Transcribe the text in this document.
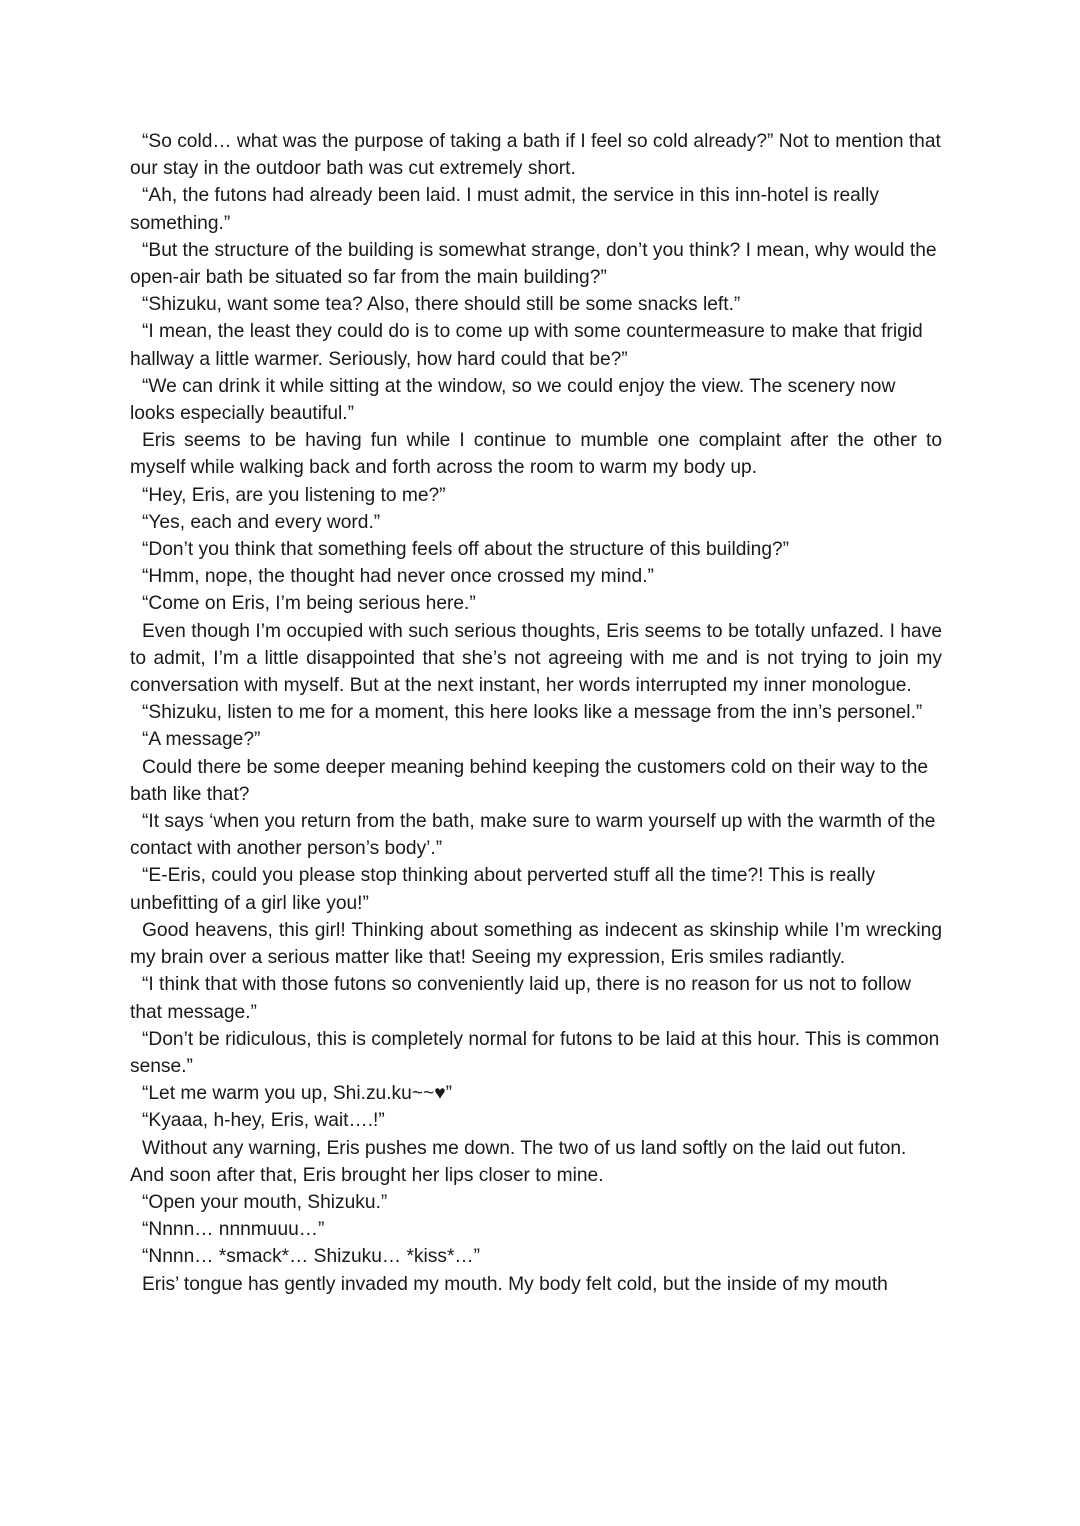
“So cold… what was the purpose of taking a bath if I feel so cold already?” Not to mention that our stay in the outdoor bath was cut extremely short.

“Ah, the futons had already been laid. I must admit, the service in this inn-hotel is really something.”

“But the structure of the building is somewhat strange, don’t you think? I mean, why would the open-air bath be situated so far from the main building?”

“Shizuku, want some tea? Also, there should still be some snacks left.”

“I mean, the least they could do is to come up with some countermeasure to make that frigid hallway a little warmer. Seriously, how hard could that be?”

“We can drink it while sitting at the window, so we could enjoy the view. The scenery now looks especially beautiful.”

Eris seems to be having fun while I continue to mumble one complaint after the other to myself while walking back and forth across the room to warm my body up.

“Hey, Eris, are you listening to me?”

“Yes, each and every word.”

“Don’t you think that something feels off about the structure of this building?”

“Hmm, nope, the thought had never once crossed my mind.”

“Come on Eris, I’m being serious here.”

Even though I’m occupied with such serious thoughts, Eris seems to be totally unfazed. I have to admit, I’m a little disappointed that she’s not agreeing with me and is not trying to join my conversation with myself. But at the next instant, her words interrupted my inner monologue.

“Shizuku, listen to me for a moment, this here looks like a message from the inn’s personel.”

“A message?”

Could there be some deeper meaning behind keeping the customers cold on their way to the bath like that?

“It says ‘when you return from the bath, make sure to warm yourself up with the warmth of the contact with another person’s body’.”

“E-Eris, could you please stop thinking about perverted stuff all the time?! This is really unbefitting of a girl like you!”

Good heavens, this girl! Thinking about something as indecent as skinship while I’m wrecking my brain over a serious matter like that! Seeing my expression, Eris smiles radiantly.

“I think that with those futons so conveniently laid up, there is no reason for us not to follow that message.”

“Don’t be ridiculous, this is completely normal for futons to be laid at this hour. This is common sense.”

“Let me warm you up, Shi.zu.ku~~♥”

“Kyaaa, h-hey, Eris, wait….!”

Without any warning, Eris pushes me down. The two of us land softly on the laid out futon. And soon after that, Eris brought her lips closer to mine.

“Open your mouth, Shizuku.”

“Nnnn… nnnmuuu…”

“Nnnn… *smack*… Shizuku… *kiss*…”

Eris’ tongue has gently invaded my mouth. My body felt cold, but the inside of my mouth
